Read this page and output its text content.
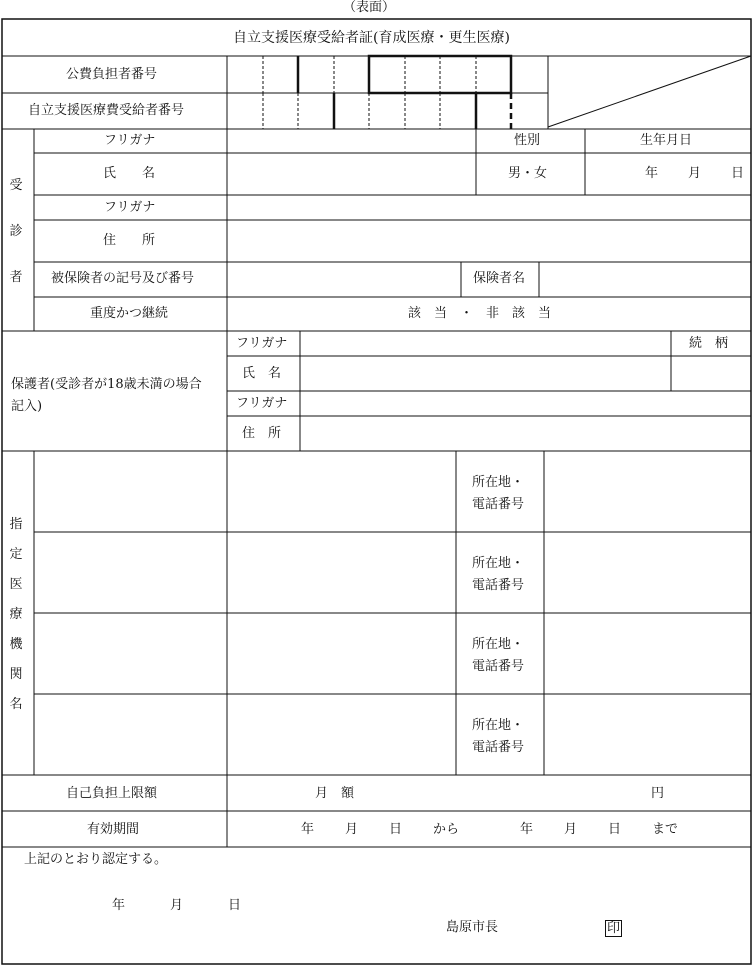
（表面）
自立支援医療受給者証(育成医療・更生医療)
公費負担者番号
自立支援医療費受給者番号
受
診
者
フリガナ	性別	生年月日
氏　　名	男・女	年 月 日
フリガナ
住　　所
被保険者の記号及び番号	保険者名
重度かつ継続	該　当　・　非　該　当
保護者(受診者が18歳未満の場合
記入)
フリガナ	続　柄
氏　名
フリガナ
住　所
指
定
医
療
機
関
名
所在地・
電話番号
所在地・
電話番号
所在地・
電話番号
所在地・
電話番号
自己負担上限額	月　額	円
有効期間	年 月 日 から	年 月 日 まで
上記のとおり認定する。
年	月	日
島原市長	印
